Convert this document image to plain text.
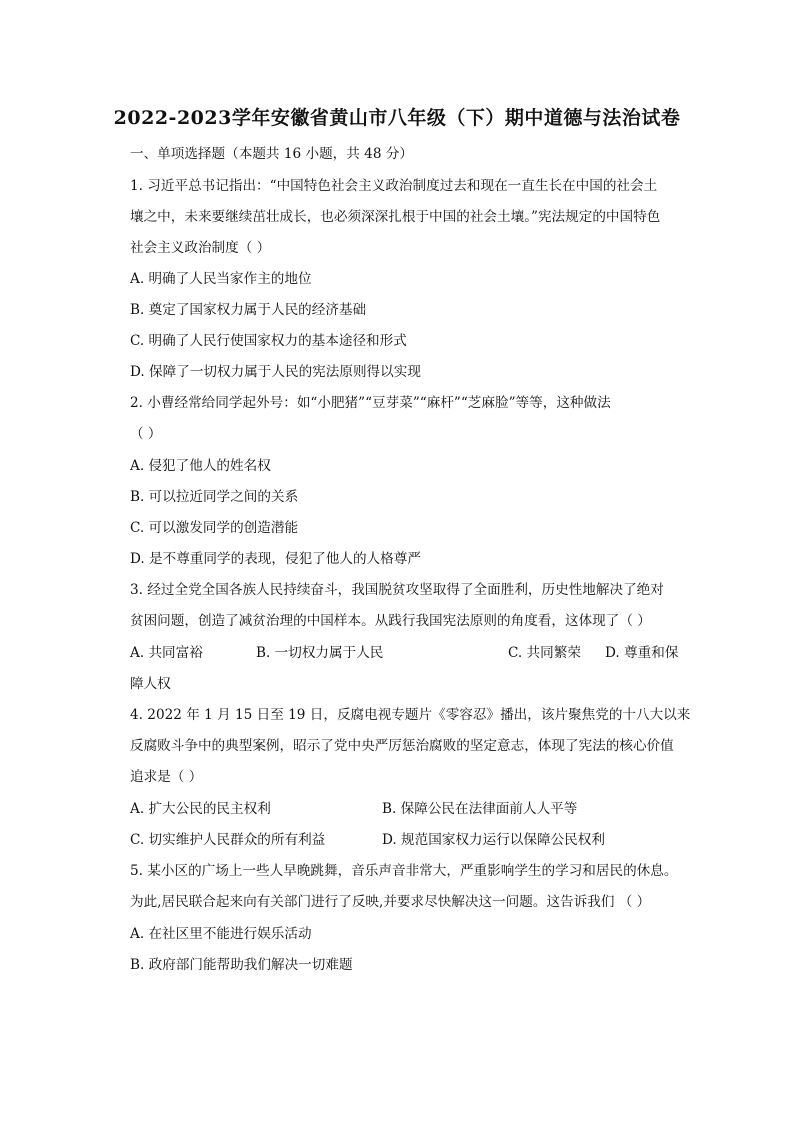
2022-2023学年安徽省黄山市八年级（下）期中道德与法治试卷
一、单项选择题（本题共 16 小题，共 48 分）
1. 习近平总书记指出：“中国特色社会主义政治制度过去和现在一直生长在中国的社会土
壤之中，未来要继续茁壮成长，也必须深深扎根于中国的社会土壤。”宪法规定的中国特色
社会主义政治制度（ ）
A. 明确了人民当家作主的地位
B. 奠定了国家权力属于人民的经济基础
C. 明确了人民行使国家权力的基本途径和形式
D. 保障了一切权力属于人民的宪法原则得以实现
2. 小曹经常给同学起外号：如“小肥猪”“豆芽菜”“麻杆”“芝麻脸”等等，这种做法
（ ）
A. 侵犯了他人的姓名权
B. 可以拉近同学之间的关系
C. 可以激发同学的创造潜能
D. 是不尊重同学的表现，侵犯了他人的人格尊严
3. 经过全党全国各族人民持续奋斗，我国脱贫攻坚取得了全面胜利，历史性地解决了绝对
贫困问题，创造了减贫治理的中国样本。从践行我国宪法原则的角度看，这体现了（ ）
A. 共同富裕	B. 一切权力属于人民	C. 共同繁荣 D. 尊重和保
障人权
4. 2022 年 1 月 15 日至 19 日，反腐电视专题片《零容忍》播出，该片聚焦党的十八大以来
反腐败斗争中的典型案例，昭示了党中央严厉惩治腐败的坚定意志，体现了宪法的核心价值
追求是（ ）
A. 扩大公民的民主权利	B. 保障公民在法律面前人人平等
C. 切实维护人民群众的所有利益	D. 规范国家权力运行以保障公民权利
5. 某小区的广场上一些人早晚跳舞，音乐声音非常大，严重影响学生的学习和居民的休息。
为此,居民联合起来向有关部门进行了反映,并要求尽快解决这一问题。这告诉我们 （ ）
A. 在社区里不能进行娱乐活动
B. 政府部门能帮助我们解决一切难题
